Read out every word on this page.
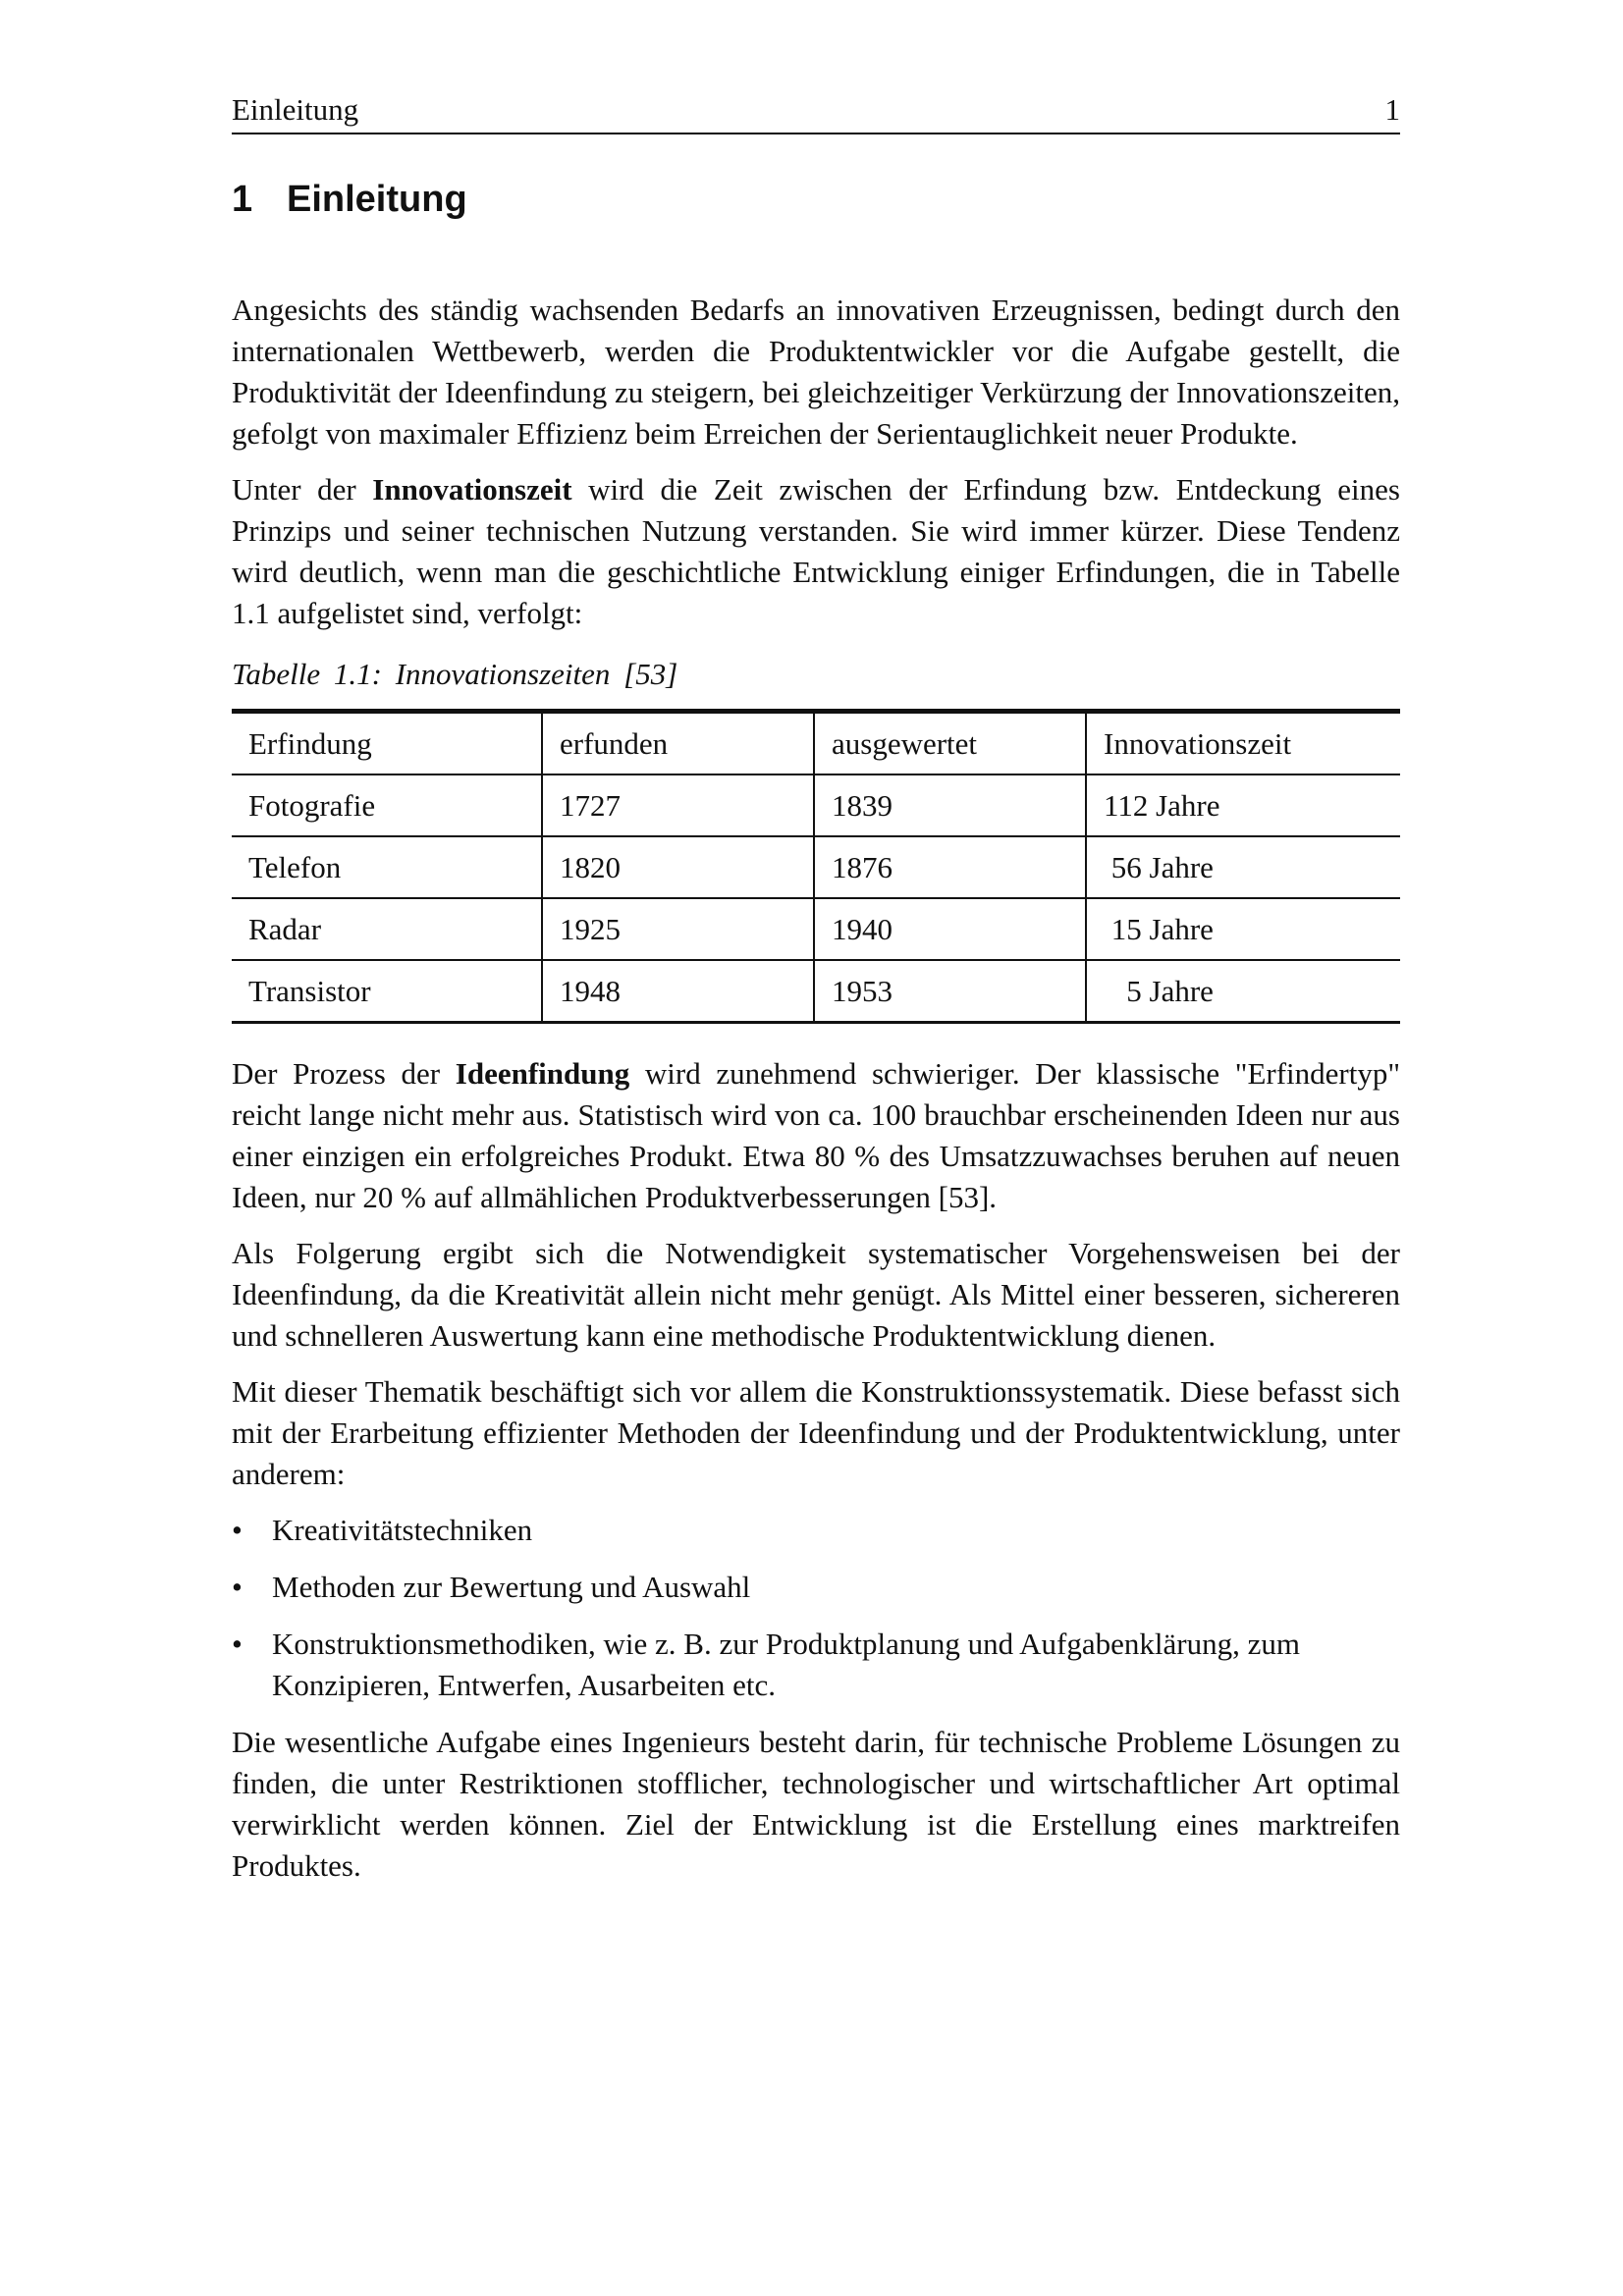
Einleitung	1
1 Einleitung

Angesichts des ständig wachsenden Bedarfs an innovativen Erzeugnissen, bedingt durch den internationalen Wettbewerb, werden die Produktentwickler vor die Aufgabe gestellt, die Produktivität der Ideenfindung zu steigern, bei gleichzeitiger Verkürzung der Innovationszeiten, gefolgt von maximaler Effizienz beim Erreichen der Serientauglichkeit neuer Produkte.

Unter der Innovationszeit wird die Zeit zwischen der Erfindung bzw. Entdeckung eines Prinzips und seiner technischen Nutzung verstanden. Sie wird immer kürzer. Diese Tendenz wird deutlich, wenn man die geschichtliche Entwicklung einiger Erfindungen, die in Tabelle 1.1 aufgelistet sind, verfolgt:

Tabelle 1.1: Innovationszeiten [53]
Erfindung	erfunden	ausgewertet	Innovationszeit
Fotografie	1727	1839	112 Jahre
Telefon	1820	1876	56 Jahre
Radar	1925	1940	15 Jahre
Transistor	1948	1953	5 Jahre

Der Prozess der Ideenfindung wird zunehmend schwieriger. Der klassische "Erfindertyp" reicht lange nicht mehr aus. Statistisch wird von ca. 100 brauchbar erscheinenden Ideen nur aus einer einzigen ein erfolgreiches Produkt. Etwa 80 % des Umsatzzuwachses beruhen auf neuen Ideen, nur 20 % auf allmählichen Produktverbesserungen [53].

Als Folgerung ergibt sich die Notwendigkeit systematischer Vorgehensweisen bei der Ideenfindung, da die Kreativität allein nicht mehr genügt. Als Mittel einer besseren, sichereren und schnelleren Auswertung kann eine methodische Produktentwicklung dienen.

Mit dieser Thematik beschäftigt sich vor allem die Konstruktionssystematik. Diese befasst sich mit der Erarbeitung effizienter Methoden der Ideenfindung und der Produktentwicklung, unter anderem:

• Kreativitätstechniken
• Methoden zur Bewertung und Auswahl
• Konstruktionsmethodiken, wie z. B. zur Produktplanung und Aufgabenklärung, zum Konzipieren, Entwerfen, Ausarbeiten etc.

Die wesentliche Aufgabe eines Ingenieurs besteht darin, für technische Probleme Lösungen zu finden, die unter Restriktionen stofflicher, technologischer und wirtschaftlicher Art optimal verwirklicht werden können. Ziel der Entwicklung ist die Erstellung eines marktreifen Produktes.
